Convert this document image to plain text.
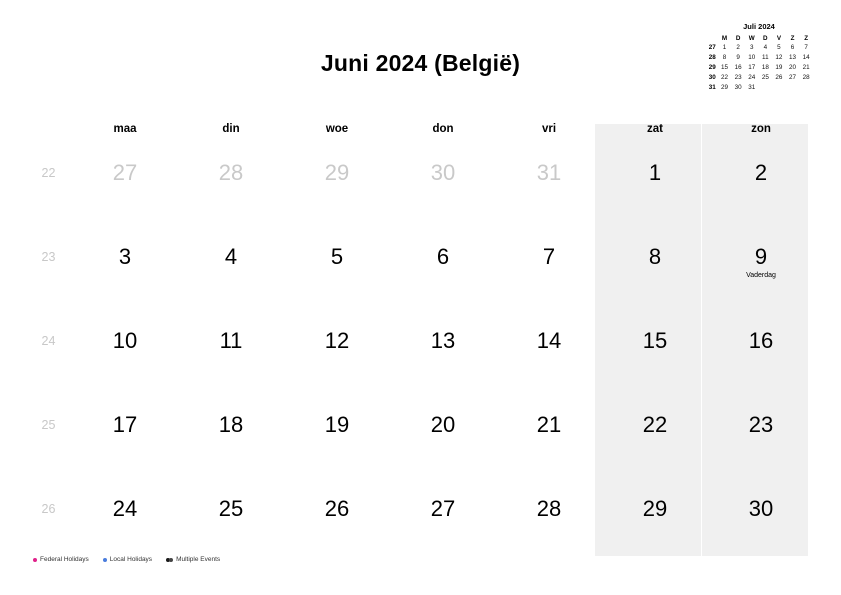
Juni 2024 (België)
Juli 2024
	M	D	W	D	V	Z	Z
27	1	2	3	4	5	6	7
28	8	9	10	11	12	13	14
29	15	16	17	18	19	20	21
30	22	23	24	25	26	27	28
31	29	30	31				
maa	din	woe	don	vri	zat	zon
22	27	28	29	30	31	1	2
23	3	4	5	6	7	8	9
Vaderdag
24	10	11	12	13	14	15	16
25	17	18	19	20	21	22	23
26	24	25	26	27	28	29	30
Federal Holidays	Local Holidays	Multiple Events
